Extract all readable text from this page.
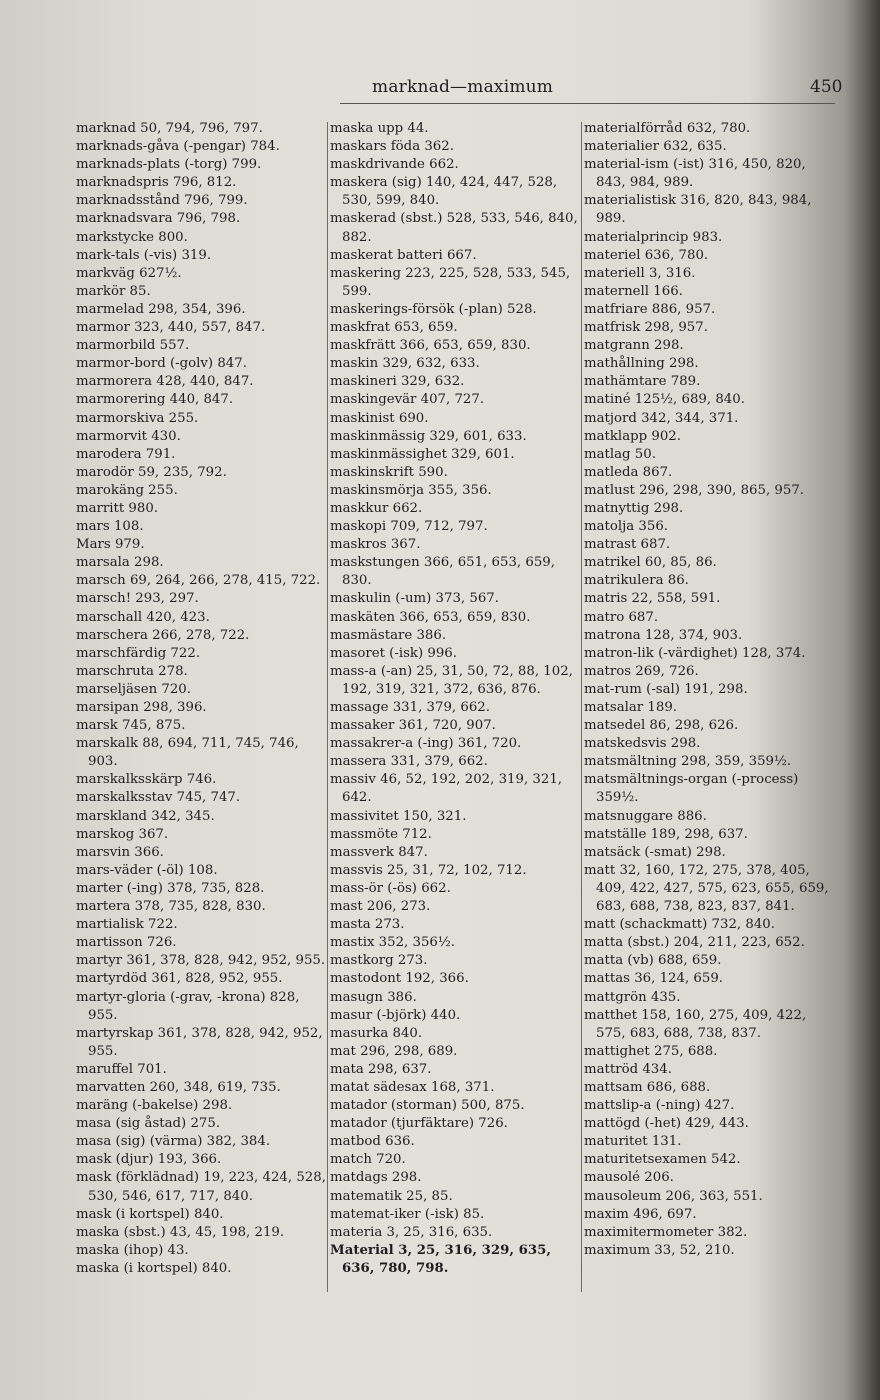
marknad—maximum	450
marknad 50, 794, 796, 797.
marknads-gåva (-pengar) 784.
marknads-plats (-torg) 799.
marknadspris 796, 812.
marknadsstånd 796, 799.
marknadsvara 796, 798.
markstycke 800.
mark-tals (-vis) 319.
markväg 627½.
markör 85.
marmelad 298, 354, 396.
marmor 323, 440, 557, 847.
marmorbild 557.
marmor-bord (-golv) 847.
marmorera 428, 440, 847.
marmorering 440, 847.
marmorskiva 255.
marmorvit 430.
marodera 791.
marodör 59, 235, 792.
marokäng 255.
marritt 980.
mars 108.
Mars 979.
marsala 298.
marsch 69, 264, 266, 278, 415, 722.
marsch! 293, 297.
marschall 420, 423.
marschera 266, 278, 722.
marschfärdig 722.
marschruta 278.
marseljäsen 720.
marsipan 298, 396.
marsk 745, 875.
marskalk 88, 694, 711, 745, 746, 903.
marskalksskärp 746.
marskalksstav 745, 747.
marskland 342, 345.
marskog 367.
marsvin 366.
mars-väder (-öl) 108.
marter (-ing) 378, 735, 828.
martera 378, 735, 828, 830.
martialisk 722.
martisson 726.
martyr 361, 378, 828, 942, 952, 955.
martyrdöd 361, 828, 952, 955.
martyr-gloria (-grav, -krona) 828, 955.
martyrskap 361, 378, 828, 942, 952, 955.
maruffel 701.
marvatten 260, 348, 619, 735.
maräng (-bakelse) 298.
masa (sig åstad) 275.
masa (sig) (värma) 382, 384.
mask (djur) 193, 366.
mask (förklädnad) 19, 223, 424, 528, 530, 546, 617, 717, 840.
mask (i kortspel) 840.
maska (sbst.) 43, 45, 198, 219.
maska (ihop) 43.
maska (i kortspel) 840.
maska upp 44.
maskars föda 362.
maskdrivande 662.
maskera (sig) 140, 424, 447, 528, 530, 599, 840.
maskerad (sbst.) 528, 533, 546, 840, 882.
maskerat batteri 667.
maskering 223, 225, 528, 533, 545, 599.
maskerings-försök (-plan) 528.
maskfrat 653, 659.
maskfrätt 366, 653, 659, 830.
maskin 329, 632, 633.
maskineri 329, 632.
maskingevär 407, 727.
maskinist 690.
maskinmässig 329, 601, 633.
maskinmässighet 329, 601.
maskinskrift 590.
maskinsmörja 355, 356.
maskkur 662.
maskopi 709, 712, 797.
maskros 367.
maskstungen 366, 651, 653, 659, 830.
maskulin (-um) 373, 567.
maskäten 366, 653, 659, 830.
masmästare 386.
masoret (-isk) 996.
mass-a (-an) 25, 31, 50, 72, 88, 102, 192, 319, 321, 372, 636, 876.
massage 331, 379, 662.
massaker 361, 720, 907.
massakrer-a (-ing) 361, 720.
massera 331, 379, 662.
massiv 46, 52, 192, 202, 319, 321, 642.
massivitet 150, 321.
massmöte 712.
massverk 847.
massvis 25, 31, 72, 102, 712.
mass-ör (-ös) 662.
mast 206, 273.
masta 273.
mastix 352, 356½.
mastkorg 273.
mastodont 192, 366.
masugn 386.
masur (-björk) 440.
masurka 840.
mat 296, 298, 689.
mata 298, 637.
matat sädesax 168, 371.
matador (storman) 500, 875.
matador (tjurfäktare) 726.
matbod 636.
match 720.
matdags 298.
matematik 25, 85.
matemat-iker (-isk) 85.
materia 3, 25, 316, 635.
Material 3, 25, 316, 329, 635, 636, 780, 798.
materialförråd 632, 780.
materialier 632, 635.
material-ism (-ist) 316, 450, 820, 843, 984, 989.
materialistisk 316, 820, 843, 984, 989.
materialprincip 983.
materiel 636, 780.
materiell 3, 316.
maternell 166.
matfriare 886, 957.
matfrisk 298, 957.
matgrann 298.
mathållning 298.
mathämtare 789.
matiné 125½, 689, 840.
matjord 342, 344, 371.
matklapp 902.
matlag 50.
matleda 867.
matlust 296, 298, 390, 865, 957.
matnyttig 298.
matolja 356.
matrast 687.
matrikel 60, 85, 86.
matrikulera 86.
matris 22, 558, 591.
matro 687.
matrona 128, 374, 903.
matron-lik (-värdighet) 128, 374.
matros 269, 726.
mat-rum (-sal) 191, 298.
matsalar 189.
matsedel 86, 298, 626.
matskedsvis 298.
matsmältning 298, 359, 359½.
matsmältnings-organ (-process) 359½.
matsnuggare 886.
matställe 189, 298, 637.
matsäck (-smat) 298.
matt 32, 160, 172, 275, 378, 405, 409, 422, 427, 575, 623, 655, 659, 683, 688, 738, 823, 837, 841.
matt (schackmatt) 732, 840.
matta (sbst.) 204, 211, 223, 652.
matta (vb) 688, 659.
mattas 36, 124, 659.
mattgrön 435.
matthet 158, 160, 275, 409, 422, 575, 683, 688, 738, 837.
mattighet 275, 688.
mattröd 434.
mattsam 686, 688.
mattslip-a (-ning) 427.
mattögd (-het) 429, 443.
maturitet 131.
maturitetsexamen 542.
mausolé 206.
mausoleum 206, 363, 551.
maxim 496, 697.
maximitermometer 382.
maximum 33, 52, 210.
